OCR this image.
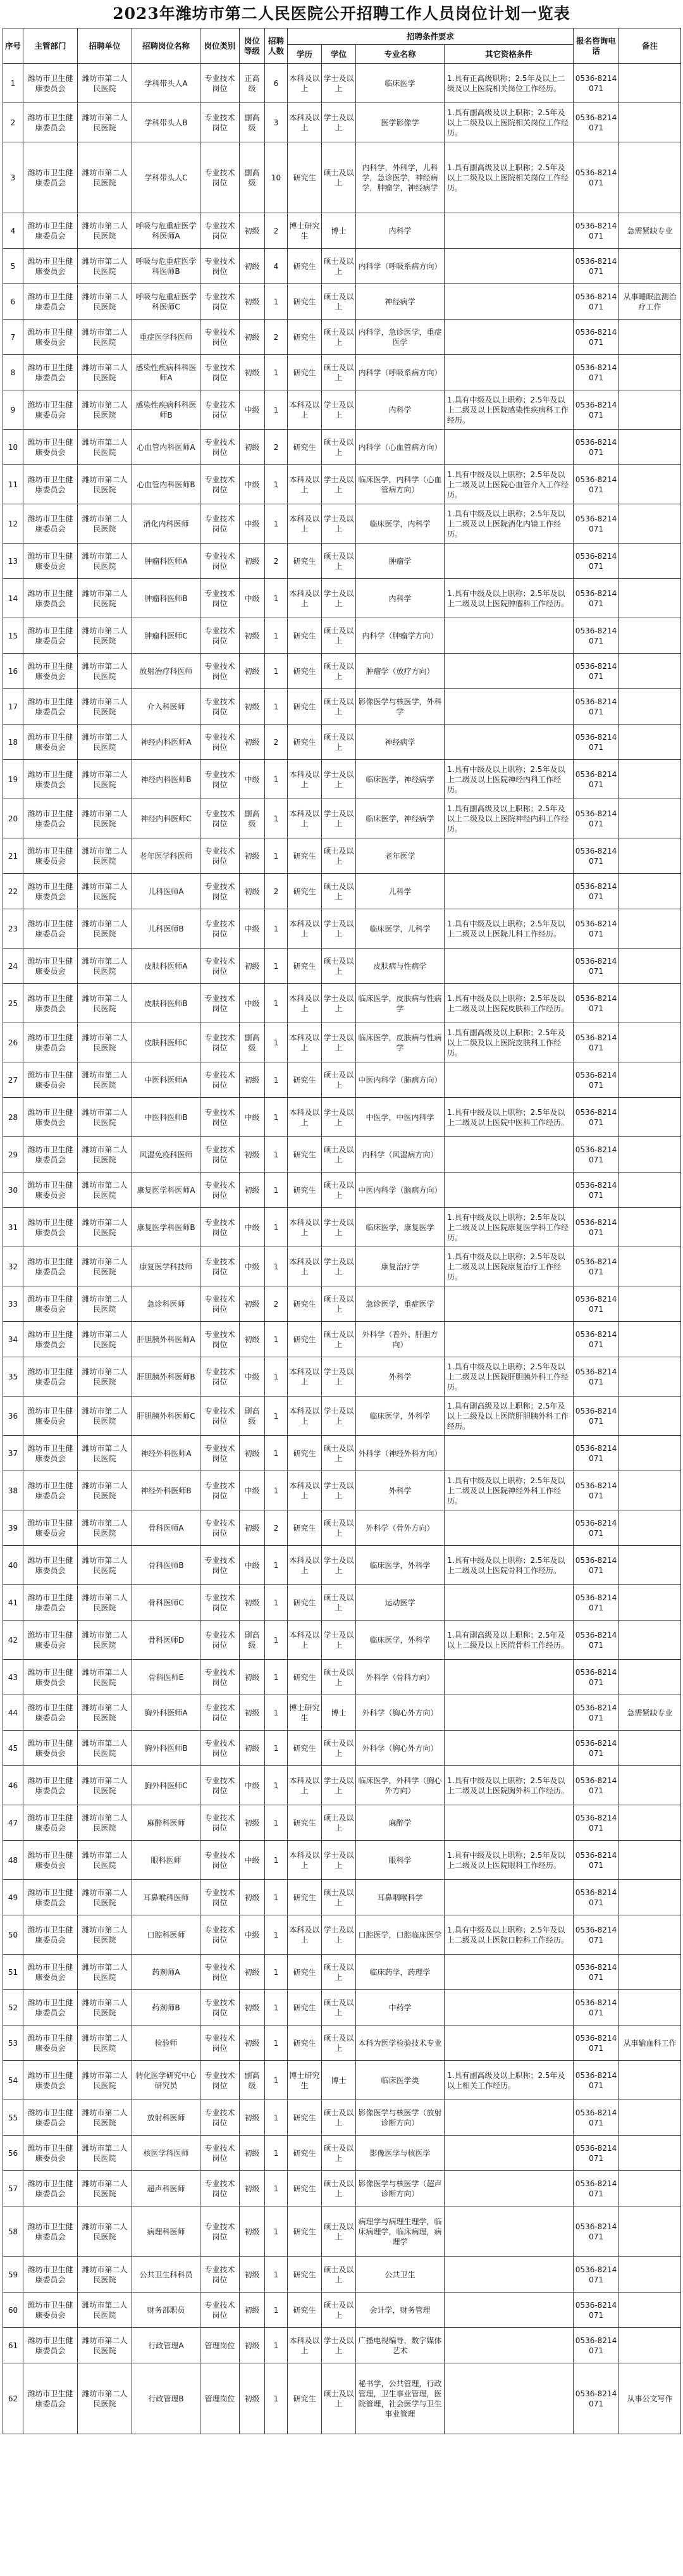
2023年潍坊市第二人民医院公开招聘工作人员岗位计划一览表
序号	主管部门	招聘单位	招聘岗位名称	岗位类别	岗位等级	招聘人数	招聘条件要求				报名咨询电话	备注
							学历	学位	专业名称	其它资格条件		
1	潍坊市卫生健康委员会	潍坊市第二人民医院	学科带头人A	专业技术岗位	正高级	6	本科及以上	学士及以上	临床医学	1.具有正高级职称；2.5年及以上二级及以上医院相关岗位工作经历。	0536-8214071	
2	潍坊市卫生健康委员会	潍坊市第二人民医院	学科带头人B	专业技术岗位	副高级	3	本科及以上	学士及以上	医学影像学	1.具有副高级及以上职称；2.5年及以上二级及以上医院相关岗位工作经历。	0536-8214071	
3	潍坊市卫生健康委员会	潍坊市第二人民医院	学科带头人C	专业技术岗位	副高级	10	研究生	硕士及以上	内科学，外科学，儿科学，急诊医学，神经病学，肿瘤学，神经病学	1.具有副高级及以上职称；2.5年及以上二级及以上医院相关岗位工作经历。	0536-8214071	
4	潍坊市卫生健康委员会	潍坊市第二人民医院	呼吸与危重症医学科医师A	专业技术岗位	初级	2	博士研究生	博士	内科学		0536-8214071	急需紧缺专业
5	潍坊市卫生健康委员会	潍坊市第二人民医院	呼吸与危重症医学科医师B	专业技术岗位	初级	4	研究生	硕士及以上	内科学（呼吸系病方向）		0536-8214071	
6	潍坊市卫生健康委员会	潍坊市第二人民医院	呼吸与危重症医学科医师C	专业技术岗位	初级	1	研究生	硕士及以上	神经病学		0536-8214071	从事睡眠监测治疗工作
7	潍坊市卫生健康委员会	潍坊市第二人民医院	重症医学科医师	专业技术岗位	初级	2	研究生	硕士及以上	内科学，急诊医学，重症医学		0536-8214071	
8	潍坊市卫生健康委员会	潍坊市第二人民医院	感染性疾病科科医师A	专业技术岗位	初级	1	研究生	硕士及以上	内科学（呼吸系病方向）		0536-8214071	
9	潍坊市卫生健康委员会	潍坊市第二人民医院	感染性疾病科科医师B	专业技术岗位	中级	1	本科及以上	学士及以上	内科学	1.具有中级及以上职称；2.5年及以上二级及以上医院感染性疾病科工作经历。	0536-8214071	
10	潍坊市卫生健康委员会	潍坊市第二人民医院	心血管内科医师A	专业技术岗位	初级	2	研究生	硕士及以上	内科学（心血管病方向）		0536-8214071	
11	潍坊市卫生健康委员会	潍坊市第二人民医院	心血管内科医师B	专业技术岗位	中级	1	本科及以上	学士及以上	临床医学，内科学（心血管病方向）	1.具有中级及以上职称；2.5年及以上二级及以上医院心血管介入工作经历。	0536-8214071	
12	潍坊市卫生健康委员会	潍坊市第二人民医院	消化内科医师	专业技术岗位	中级	1	本科及以上	学士及以上	临床医学，内科学	1.具有中级及以上职称；2.5年及以上二级及以上医院消化内镜工作经历。	0536-8214071	
13	潍坊市卫生健康委员会	潍坊市第二人民医院	肿瘤科医师A	专业技术岗位	初级	2	研究生	硕士及以上	肿瘤学		0536-8214071	
14	潍坊市卫生健康委员会	潍坊市第二人民医院	肿瘤科医师B	专业技术岗位	中级	1	本科及以上	学士及以上	内科学	1.具有中级及以上职称；2.5年及以上二级及以上医院肿瘤科工作经历。	0536-8214071	
15	潍坊市卫生健康委员会	潍坊市第二人民医院	肿瘤科医师C	专业技术岗位	初级	1	研究生	硕士及以上	内科学（肿瘤学方向）		0536-8214071	
16	潍坊市卫生健康委员会	潍坊市第二人民医院	放射治疗科医师	专业技术岗位	初级	1	研究生	硕士及以上	肿瘤学（放疗方向）		0536-8214071	
17	潍坊市卫生健康委员会	潍坊市第二人民医院	介入科医师	专业技术岗位	初级	1	研究生	硕士及以上	影像医学与核医学，外科学		0536-8214071	
18	潍坊市卫生健康委员会	潍坊市第二人民医院	神经内科医师A	专业技术岗位	初级	2	研究生	硕士及以上	神经病学		0536-8214071	
19	潍坊市卫生健康委员会	潍坊市第二人民医院	神经内科医师B	专业技术岗位	中级	1	本科及以上	学士及以上	临床医学，神经病学	1.具有中级及以上职称；2.5年及以上二级及以上医院神经内科工作经历。	0536-8214071	
20	潍坊市卫生健康委员会	潍坊市第二人民医院	神经内科医师C	专业技术岗位	副高级	1	本科及以上	学士及以上	临床医学，神经病学	1.具有副高级及以上职称；2.5年及以上二级及以上医院神经内科工作经历。	0536-8214071	
21	潍坊市卫生健康委员会	潍坊市第二人民医院	老年医学科医师	专业技术岗位	初级	1	研究生	硕士及以上	老年医学		0536-8214071	
22	潍坊市卫生健康委员会	潍坊市第二人民医院	儿科医师A	专业技术岗位	初级	2	研究生	硕士及以上	儿科学		0536-8214071	
23	潍坊市卫生健康委员会	潍坊市第二人民医院	儿科医师B	专业技术岗位	中级	1	本科及以上	学士及以上	临床医学，儿科学	1.具有中级及以上职称；2.5年及以上二级及以上医院儿科工作经历。	0536-8214071	
24	潍坊市卫生健康委员会	潍坊市第二人民医院	皮肤科医师A	专业技术岗位	初级	1	研究生	硕士及以上	皮肤病与性病学		0536-8214071	
25	潍坊市卫生健康委员会	潍坊市第二人民医院	皮肤科医师B	专业技术岗位	中级	1	本科及以上	学士及以上	临床医学，皮肤病与性病学	1.具有中级及以上职称；2.5年及以上二级及以上医院皮肤科工作经历。	0536-8214071	
26	潍坊市卫生健康委员会	潍坊市第二人民医院	皮肤科医师C	专业技术岗位	副高级	1	本科及以上	学士及以上	临床医学，皮肤病与性病学	1.具有副高级及以上职称；2.5年及以上二级及以上医院皮肤科工作经历。	0536-8214071	
27	潍坊市卫生健康委员会	潍坊市第二人民医院	中医科医师A	专业技术岗位	初级	1	研究生	硕士及以上	中医内科学（肺病方向）		0536-8214071	
28	潍坊市卫生健康委员会	潍坊市第二人民医院	中医科医师B	专业技术岗位	中级	1	本科及以上	学士及以上	中医学，中医内科学	1.具有中级及以上职称；2.5年及以上二级及以上医院中医科工作经历。	0536-8214071	
29	潍坊市卫生健康委员会	潍坊市第二人民医院	风湿免疫科医师	专业技术岗位	初级	1	研究生	硕士及以上	内科学（风湿病方向）		0536-8214071	
30	潍坊市卫生健康委员会	潍坊市第二人民医院	康复医学科医师A	专业技术岗位	初级	1	研究生	硕士及以上	中医内科学（脑病方向）		0536-8214071	
31	潍坊市卫生健康委员会	潍坊市第二人民医院	康复医学科医师B	专业技术岗位	中级	1	本科及以上	学士及以上	临床医学，康复医学	1.具有中级及以上职称；2.5年及以上二级及以上医院康复医学科工作经历。	0536-8214071	
32	潍坊市卫生健康委员会	潍坊市第二人民医院	康复医学科技师	专业技术岗位	中级	1	本科及以上	学士及以上	康复治疗学	1.具有中级及以上职称；2.5年及以上二级及以上医院康复治疗工作经历。	0536-8214071	
33	潍坊市卫生健康委员会	潍坊市第二人民医院	急诊科医师	专业技术岗位	初级	2	研究生	硕士及以上	急诊医学，重症医学		0536-8214071	
34	潍坊市卫生健康委员会	潍坊市第二人民医院	肝胆胰外科医师A	专业技术岗位	初级	1	研究生	硕士及以上	外科学（普外、肝胆方向）		0536-8214071	
35	潍坊市卫生健康委员会	潍坊市第二人民医院	肝胆胰外科医师B	专业技术岗位	中级	1	本科及以上	学士及以上	外科学	1.具有中级及以上职称；2.5年及以上二级及以上医院肝胆胰外科工作经历。	0536-8214071	
36	潍坊市卫生健康委员会	潍坊市第二人民医院	肝胆胰外科医师C	专业技术岗位	副高级	1	本科及以上	学士及以上	临床医学，外科学	1.具有副高级及以上职称；2.5年及以上二级及以上医院肝胆胰外科工作经历。	0536-8214071	
37	潍坊市卫生健康委员会	潍坊市第二人民医院	神经外科医师A	专业技术岗位	初级	1	研究生	硕士及以上	外科学（神经外科方向）		0536-8214071	
38	潍坊市卫生健康委员会	潍坊市第二人民医院	神经外科医师B	专业技术岗位	中级	1	本科及以上	学士及以上	外科学	1.具有中级及以上职称；2.5年及以上二级及以上医院神经外科工作经历。	0536-8214071	
39	潍坊市卫生健康委员会	潍坊市第二人民医院	骨科医师A	专业技术岗位	初级	2	研究生	硕士及以上	外科学（骨外方向）		0536-8214071	
40	潍坊市卫生健康委员会	潍坊市第二人民医院	骨科医师B	专业技术岗位	中级	1	本科及以上	学士及以上	临床医学，外科学	1.具有中级及以上职称；2.5年及以上二级及以上医院骨科工作经历。	0536-8214071	
41	潍坊市卫生健康委员会	潍坊市第二人民医院	骨科医师C	专业技术岗位	初级	1	研究生	硕士及以上	运动医学		0536-8214071	
42	潍坊市卫生健康委员会	潍坊市第二人民医院	骨科医师D	专业技术岗位	副高级	1	本科及以上	学士及以上	临床医学，外科学	1.具有副高级及以上职称；2.5年及以上二级及以上医院骨科工作经历。	0536-8214071	
43	潍坊市卫生健康委员会	潍坊市第二人民医院	骨科医师E	专业技术岗位	初级	1	研究生	硕士及以上	外科学（骨科方向）		0536-8214071	
44	潍坊市卫生健康委员会	潍坊市第二人民医院	胸外科医师A	专业技术岗位	初级	1	博士研究生	博士	外科学（胸心外方向）		0536-8214071	急需紧缺专业
45	潍坊市卫生健康委员会	潍坊市第二人民医院	胸外科医师B	专业技术岗位	初级	1	研究生	硕士及以上	外科学（胸心外方向）		0536-8214071	
46	潍坊市卫生健康委员会	潍坊市第二人民医院	胸外科医师C	专业技术岗位	中级	1	本科及以上	学士及以上	临床医学，外科学（胸心外方向）	1.具有中级及以上职称；2.5年及以上二级及以上医院胸外科工作经历。	0536-8214071	
47	潍坊市卫生健康委员会	潍坊市第二人民医院	麻醉科医师	专业技术岗位	初级	1	研究生	硕士及以上	麻醉学		0536-8214071	
48	潍坊市卫生健康委员会	潍坊市第二人民医院	眼科医师	专业技术岗位	中级	1	本科及以上	学士及以上	眼科学	1.具有中级及以上职称；2.5年及以上二级及以上医院眼科工作经历。	0536-8214071	
49	潍坊市卫生健康委员会	潍坊市第二人民医院	耳鼻喉科医师	专业技术岗位	初级	1	研究生	硕士及以上	耳鼻咽喉科学		0536-8214071	
50	潍坊市卫生健康委员会	潍坊市第二人民医院	口腔科医师	专业技术岗位	中级	1	本科及以上	学士及以上	口腔医学，口腔临床医学	1.具有中级及以上职称；2.5年及以上二级及以上医院口腔科工作经历。	0536-8214071	
51	潍坊市卫生健康委员会	潍坊市第二人民医院	药剂师A	专业技术岗位	初级	1	研究生	硕士及以上	临床药学，药理学		0536-8214071	
52	潍坊市卫生健康委员会	潍坊市第二人民医院	药剂师B	专业技术岗位	初级	1	研究生	硕士及以上	中药学		0536-8214071	
53	潍坊市卫生健康委员会	潍坊市第二人民医院	检验师	专业技术岗位	初级	1	研究生	硕士及以上	本科为医学检验技术专业		0536-8214071	从事输血科工作
54	潍坊市卫生健康委员会	潍坊市第二人民医院	转化医学研究中心研究员	专业技术岗位	副高级	1	博士研究生	博士	临床医学类	1.具有副高级及以上职称；2.5年及以上相关工作经历。	0536-8214071	
55	潍坊市卫生健康委员会	潍坊市第二人民医院	放射科医师	专业技术岗位	初级	1	研究生	硕士及以上	影像医学与核医学（放射诊断方向）		0536-8214071	
56	潍坊市卫生健康委员会	潍坊市第二人民医院	核医学科医师	专业技术岗位	初级	1	研究生	硕士及以上	影像医学与核医学		0536-8214071	
57	潍坊市卫生健康委员会	潍坊市第二人民医院	超声科医师	专业技术岗位	初级	1	研究生	硕士及以上	影像医学与核医学（超声诊断方向）		0536-8214071	
58	潍坊市卫生健康委员会	潍坊市第二人民医院	病理科医师	专业技术岗位	初级	1	研究生	硕士及以上	病理学与病理生理学，临床病理学，临床病理，病理学		0536-8214071	
59	潍坊市卫生健康委员会	潍坊市第二人民医院	公共卫生科科员	专业技术岗位	初级	1	研究生	硕士及以上	公共卫生		0536-8214071	
60	潍坊市卫生健康委员会	潍坊市第二人民医院	财务部职员	专业技术岗位	初级	1	研究生	硕士及以上	会计学，财务管理		0536-8214071	
61	潍坊市卫生健康委员会	潍坊市第二人民医院	行政管理A	管理岗位	初级	1	本科及以上	学士及以上	广播电视编导，数字媒体艺术		0536-8214071	
62	潍坊市卫生健康委员会	潍坊市第二人民医院	行政管理B	管理岗位	初级	1	研究生	硕士及以上	秘书学，公共管理，行政管理，卫生事业管理，医院管理，社会医学与卫生事业管理		0536-8214071	从事公文写作
